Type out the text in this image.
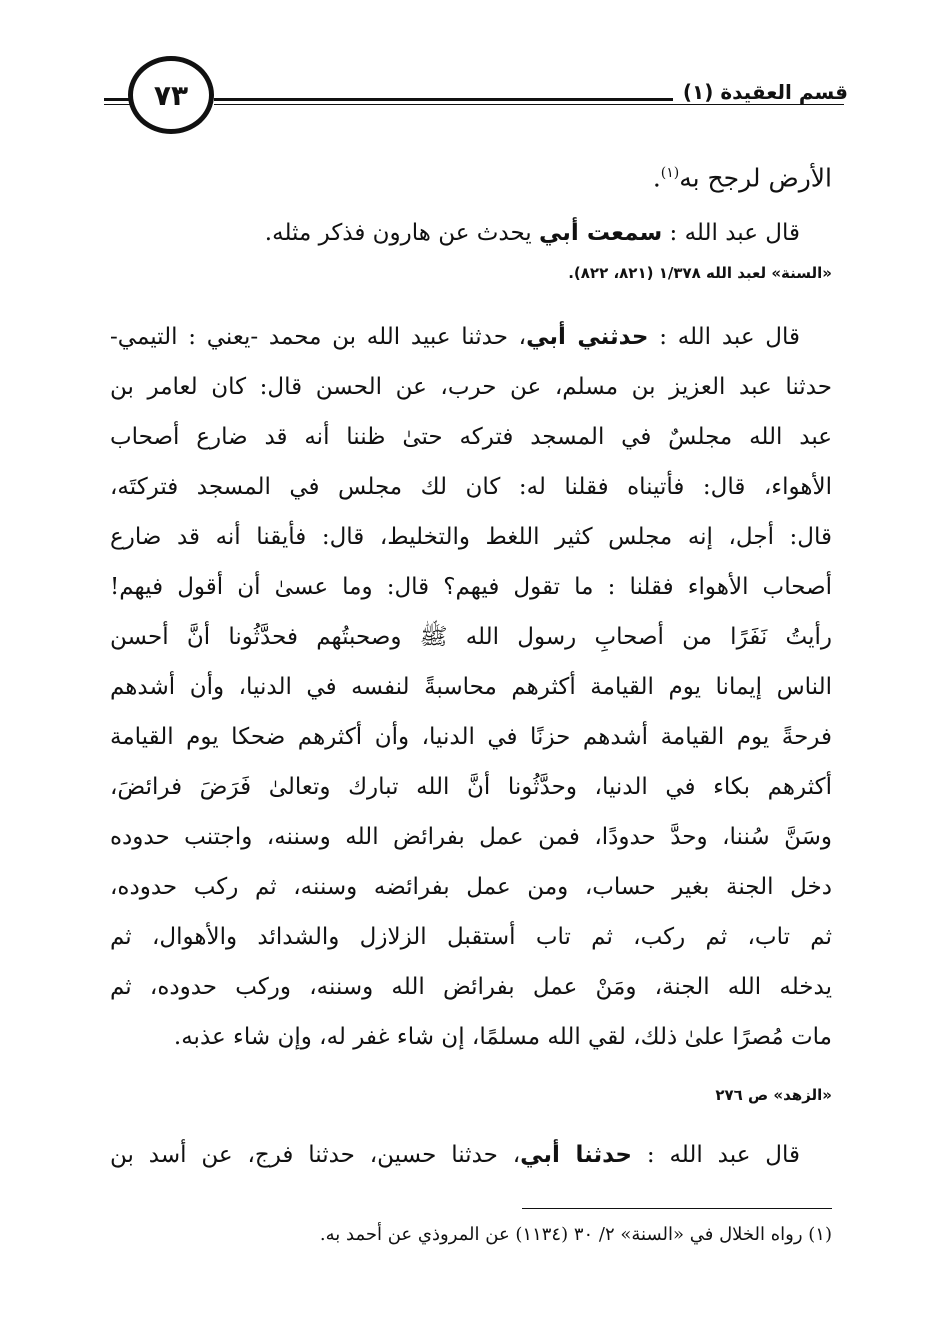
قسم العقيدة (١)
٧٣
الأرض لرجح به$^{(١)}$.
قال عبد الله : سمعت أبي يحدث عن هارون فذكر مثله.
«السنة» لعبد الله ١/٣٧٨ (٨٢١، ٨٢٢).
قال عبد الله : حدثني أبي، حدثنا عبيد الله بن محمد -يعني : التيمي-
حدثنا عبد العزيز بن مسلم، عن حرب، عن الحسن قال: كان لعامر بن
عبد الله مجلسٌ في المسجد فتركه حتىٰ ظننا أنه قد ضارع أصحاب
الأهواء، قال: فأتيناه فقلنا له: كان لك مجلس في المسجد فتركتَه،
قال: أجل، إنه مجلس كثير اللغط والتخليط، قال: فأيقنا أنه قد ضارع
أصحاب الأهواء فقلنا : ما تقول فيهم؟ قال: وما عسىٰ أن أقول فيهم!
رأيتُ نَفَرًا من أصحابِ رسول الله ﷺ وصحبتُهم فحدَّثُونا أنَّ أحسن
الناس إيمانا يوم القيامة أكثرهم محاسبةً لنفسه في الدنيا، وأن أشدهم
فرحةً يوم القيامة أشدهم حزنًا في الدنيا، وأن أكثرهم ضحكا يوم القيامة
أكثرهم بكاء في الدنيا، وحدَّثُونا أنَّ الله تبارك وتعالىٰ فَرَضَ فرائضَ،
وسَنَّ سُننا، وحدَّ حدودًا، فمن عمل بفرائض الله وسننه، واجتنب حدوده
دخل الجنة بغير حساب، ومن عمل بفرائضه وسننه، ثم ركب حدوده،
ثم تاب، ثم ركب، ثم تاب أستقبل الزلازل والشدائد والأهوال، ثم
يدخله الله الجنة، ومَنْ عمل بفرائض الله وسننه، وركب حدوده، ثم
مات مُصرًا علىٰ ذلك، لقي الله مسلمًا، إن شاء غفر له، وإن شاء عذبه.
«الزهد» ص ٢٧٦
قال عبد الله : حدثنا أبي، حدثنا حسين، حدثنا فرج، عن أسد بن
(١) رواه الخلال في «السنة» ٢/ ٣٠ (١١٣٤) عن المروذي عن أحمد به.
